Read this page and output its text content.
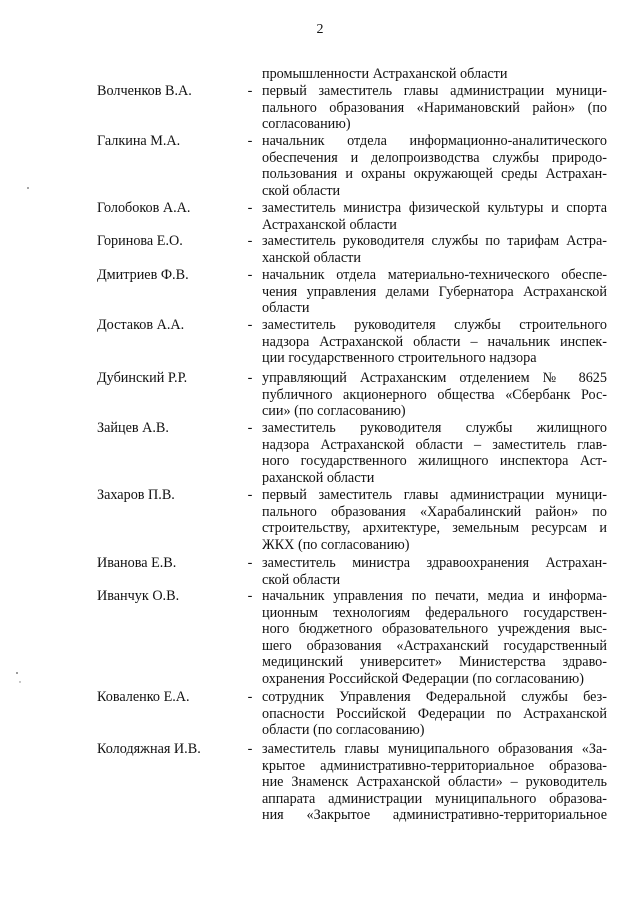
2
промышленности Астраханской области
Волченков В.А.	- первый заместитель главы администрации муници-
пального образования «Наримановский район» (по
согласованию)
Галкина М.А.	- начальник отдела информационно-аналитического
обеспечения и делопроизводства службы природо-
пользования и охраны окружающей среды Астрахан-
ской области
Голобоков А.А.	- заместитель министра физической культуры и спорта
Астраханской области
Горинова Е.О.	- заместитель руководителя службы по тарифам Астра-
ханской области
Дмитриев Ф.В.	- начальник отдела материально-технического обеспе-
чения управления делами Губернатора Астраханской
области
Достаков А.А.	- заместитель руководителя службы строительного
надзора Астраханской области – начальник инспек-
ции государственного строительного надзора
Дубинский Р.Р.	- управляющий Астраханским отделением № 8625
публичного акционерного общества «Сбербанк Рос-
сии» (по согласованию)
Зайцев А.В.	- заместитель руководителя службы жилищного
надзора Астраханской области – заместитель глав-
ного государственного жилищного инспектора Аст-
раханской области
Захаров П.В.	- первый заместитель главы администрации муници-
пального образования «Харабалинский район» по
строительству, архитектуре, земельным ресурсам и
ЖКХ (по согласованию)
Иванова Е.В.	- заместитель министра здравоохранения Астрахан-
ской области
Иванчук О.В.	- начальник управления по печати, медиа и информа-
ционным технологиям федерального государствен-
ного бюджетного образовательного учреждения выс-
шего образования «Астраханский государственный
медицинский университет» Министерства здраво-
охранения Российской Федерации (по согласованию)
Коваленко Е.А.	- сотрудник Управления Федеральной службы без-
опасности Российской Федерации по Астраханской
области (по согласованию)
Колодяжная И.В.	- заместитель главы муниципального образования «За-
крытое административно-территориальное образова-
ние Знаменск Астраханской области» – руководитель
аппарата администрации муниципального образова-
ния «Закрытое административно-территориальное
